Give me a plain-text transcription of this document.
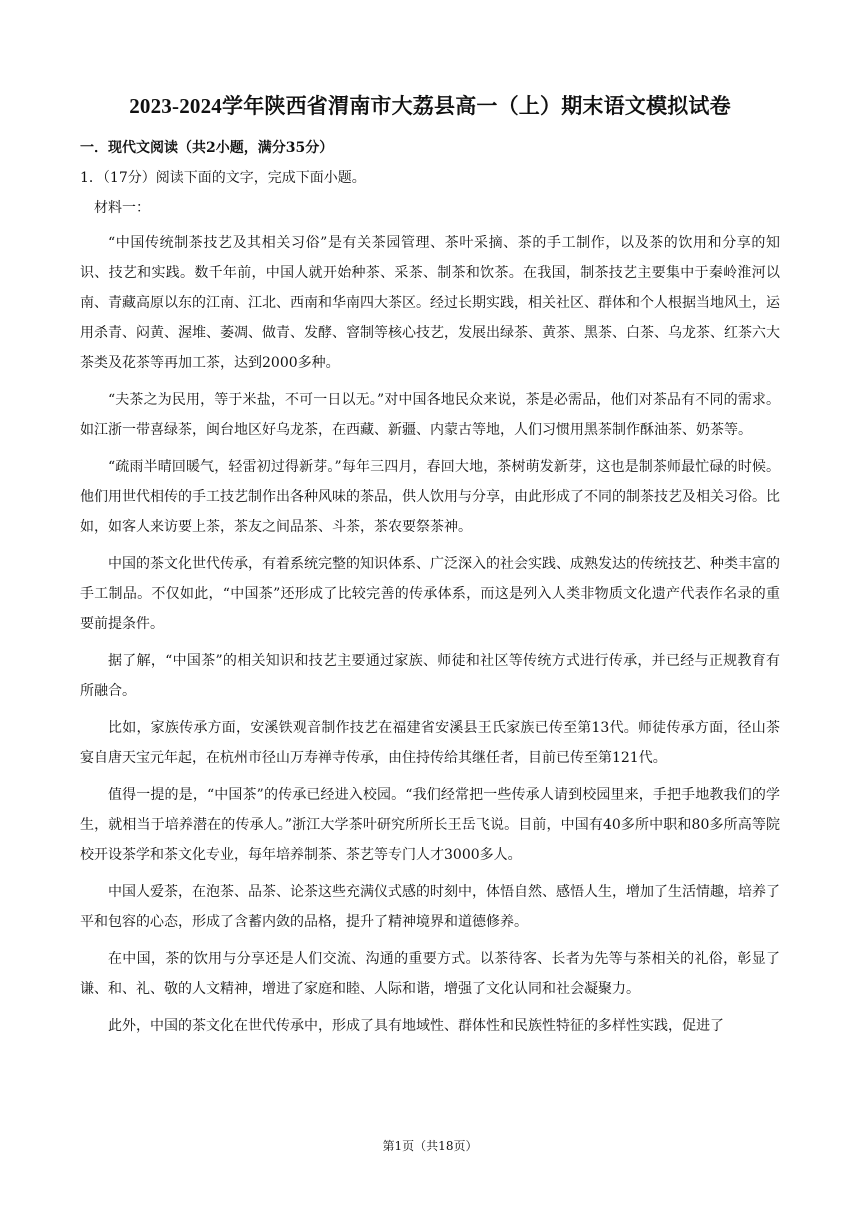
2023-2024学年陕西省渭南市大荔县高一（上）期末语文模拟试卷
一．现代文阅读（共2小题，满分35分）
1．（17分）阅读下面的文字，完成下面小题。
材料一：

“中国传统制茶技艺及其相关习俗”是有关茶园管理、茶叶采摘、茶的手工制作，以及茶的饮用和分享的知识、技艺和实践。数千年前，中国人就开始种茶、采茶、制茶和饮茶。在我国，制茶技艺主要集中于秦岭淮河以南、青藏高原以东的江南、江北、西南和华南四大茶区。经过长期实践，相关社区、群体和个人根据当地风土，运用杀青、闷黄、渥堆、萎凋、做青、发酵、窨制等核心技艺，发展出绿茶、黄茶、黑茶、白茶、乌龙茶、红茶六大茶类及花茶等再加工茶，达到2000多种。

“夫茶之为民用，等于米盐，不可一日以无。”对中国各地民众来说，茶是必需品，他们对茶品有不同的需求。如江浙一带喜绿茶，闽台地区好乌龙茶，在西藏、新疆、内蒙古等地，人们习惯用黑茶制作酥油茶、奶茶等。

“疏雨半晴回暖气，轻雷初过得新芽。”每年三四月，春回大地，茶树萌发新芽，这也是制茶师最忙碌的时候。他们用世代相传的手工技艺制作出各种风味的茶品，供人饮用与分享，由此形成了不同的制茶技艺及相关习俗。比如，如客人来访要上茶，茶友之间品茶、斗茶，茶农要祭茶神。

中国的茶文化世代传承，有着系统完整的知识体系、广泛深入的社会实践、成熟发达的传统技艺、种类丰富的手工制品。不仅如此，“中国茶”还形成了比较完善的传承体系，而这是列入人类非物质文化遗产代表作名录的重要前提条件。

据了解，“中国茶”的相关知识和技艺主要通过家族、师徒和社区等传统方式进行传承，并已经与正规教育有所融合。

比如，家族传承方面，安溪铁观音制作技艺在福建省安溪县王氏家族已传至第13代。师徒传承方面，径山茶宴自唐天宝元年起，在杭州市径山万寿禅寺传承，由住持传给其继任者，目前已传至第121代。

值得一提的是，“中国茶”的传承已经进入校园。“我们经常把一些传承人请到校园里来，手把手地教我们的学生，就相当于培养潜在的传承人。”浙江大学茶叶研究所所长王岳飞说。目前，中国有40多所中职和80多所高等院校开设茶学和茶文化专业，每年培养制茶、茶艺等专门人才3000多人。

中国人爱茶，在泡茶、品茶、论茶这些充满仪式感的时刻中，体悟自然、感悟人生，增加了生活情趣，培养了平和包容的心态，形成了含蓄内敛的品格，提升了精神境界和道德修养。

在中国，茶的饮用与分享还是人们交流、沟通的重要方式。以茶待客、长者为先等与茶相关的礼俗，彰显了谦、和、礼、敬的人文精神，增进了家庭和睦、人际和谐，增强了文化认同和社会凝聚力。

此外，中国的茶文化在世代传承中，形成了具有地域性、群体性和民族性特征的多样性实践，促进了

第1页（共18页）
